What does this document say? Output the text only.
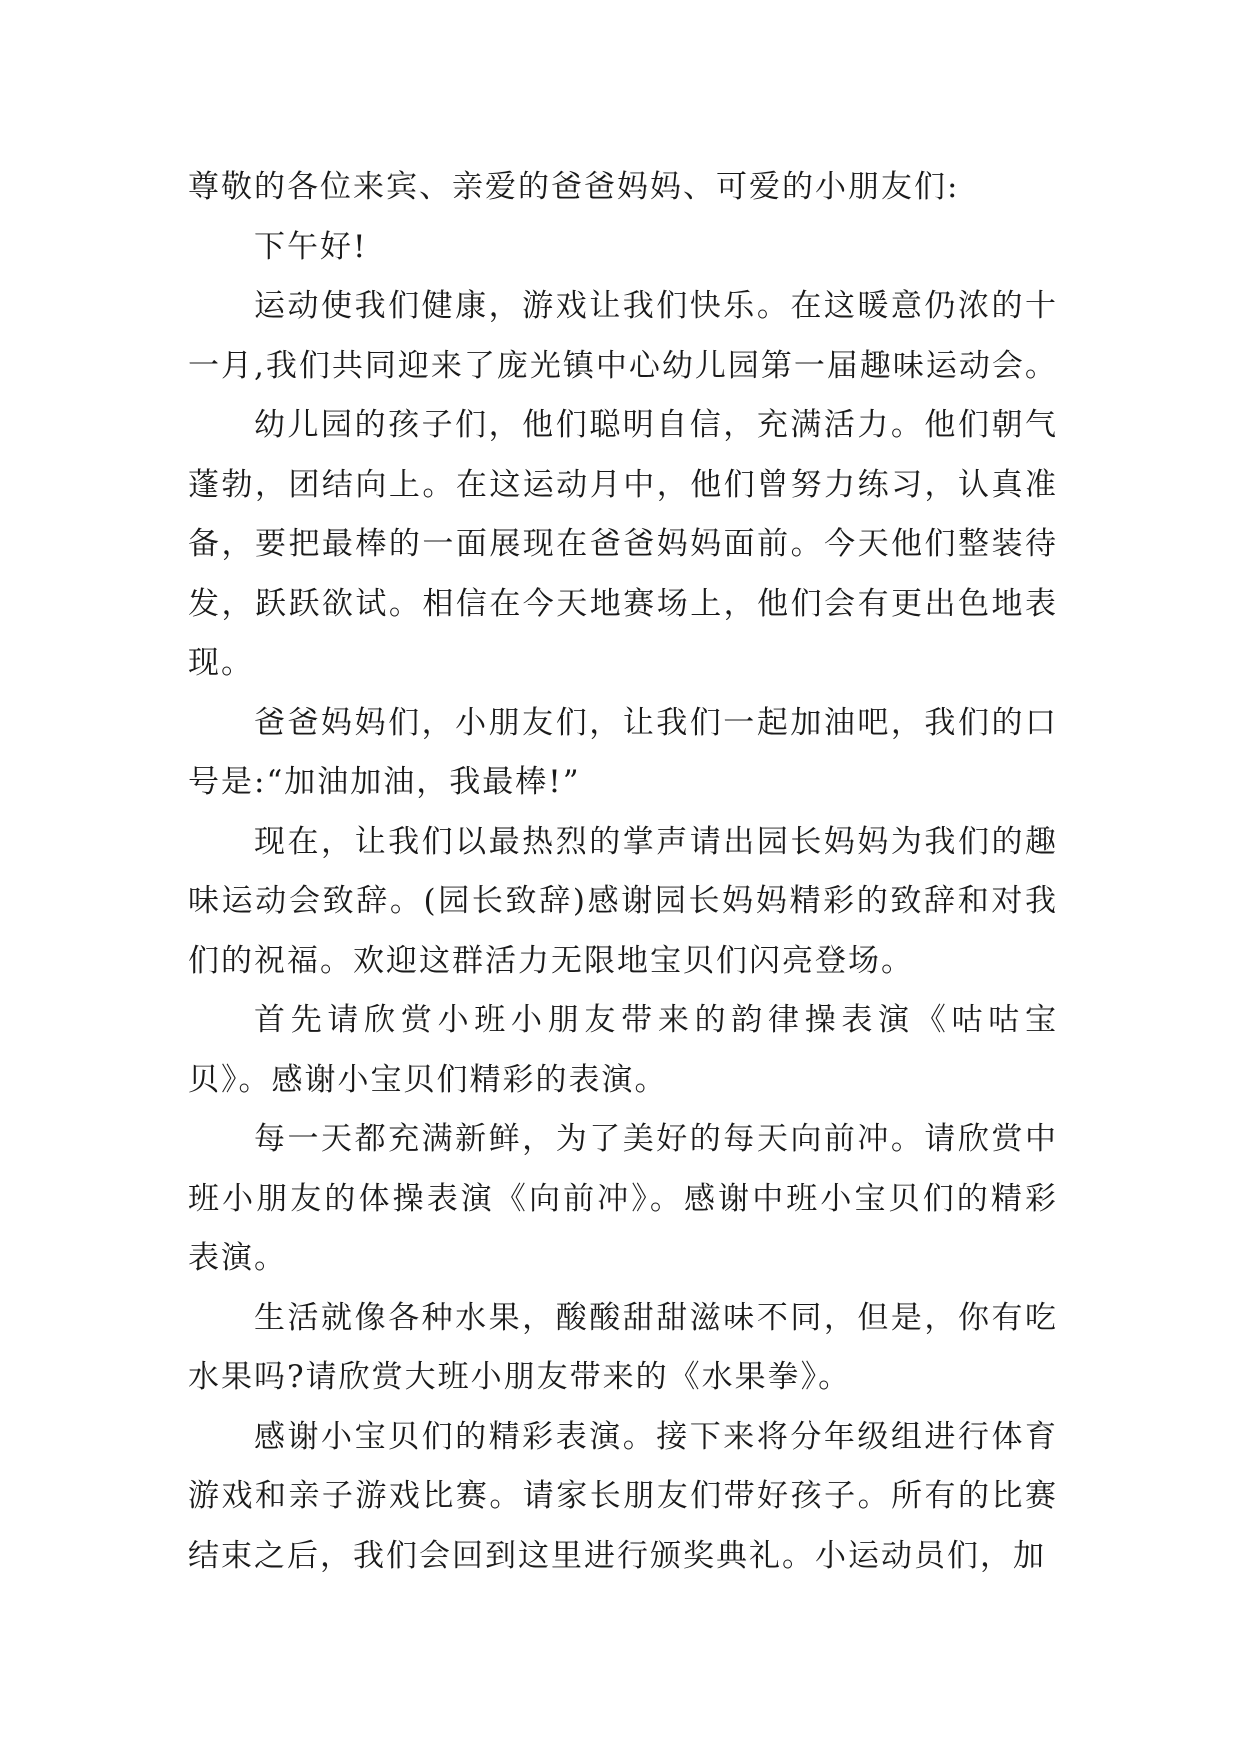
尊敬的各位来宾、亲爱的爸爸妈妈、可爱的小朋友们:

下午好!

运动使我们健康，游戏让我们快乐。在这暖意仍浓的十一月,我们共同迎来了庞光镇中心幼儿园第一届趣味运动会。

幼儿园的孩子们，他们聪明自信，充满活力。他们朝气蓬勃，团结向上。在这运动月中，他们曾努力练习，认真准备，要把最棒的一面展现在爸爸妈妈面前。今天他们整装待发，跃跃欲试。相信在今天地赛场上，他们会有更出色地表现。

爸爸妈妈们，小朋友们，让我们一起加油吧，我们的口号是:“加油加油，我最棒!”

现在，让我们以最热烈的掌声请出园长妈妈为我们的趣味运动会致辞。(园长致辞)感谢园长妈妈精彩的致辞和对我们的祝福。欢迎这群活力无限地宝贝们闪亮登场。

首先请欣赏小班小朋友带来的韵律操表演《咕咕宝贝》。感谢小宝贝们精彩的表演。

每一天都充满新鲜，为了美好的每天向前冲。请欣赏中班小朋友的体操表演《向前冲》。感谢中班小宝贝们的精彩表演。

生活就像各种水果，酸酸甜甜滋味不同，但是，你有吃水果吗?请欣赏大班小朋友带来的《水果拳》。

感谢小宝贝们的精彩表演。接下来将分年级组进行体育游戏和亲子游戏比赛。请家长朋友们带好孩子。所有的比赛结束之后，我们会回到这里进行颁奖典礼。小运动员们，加
